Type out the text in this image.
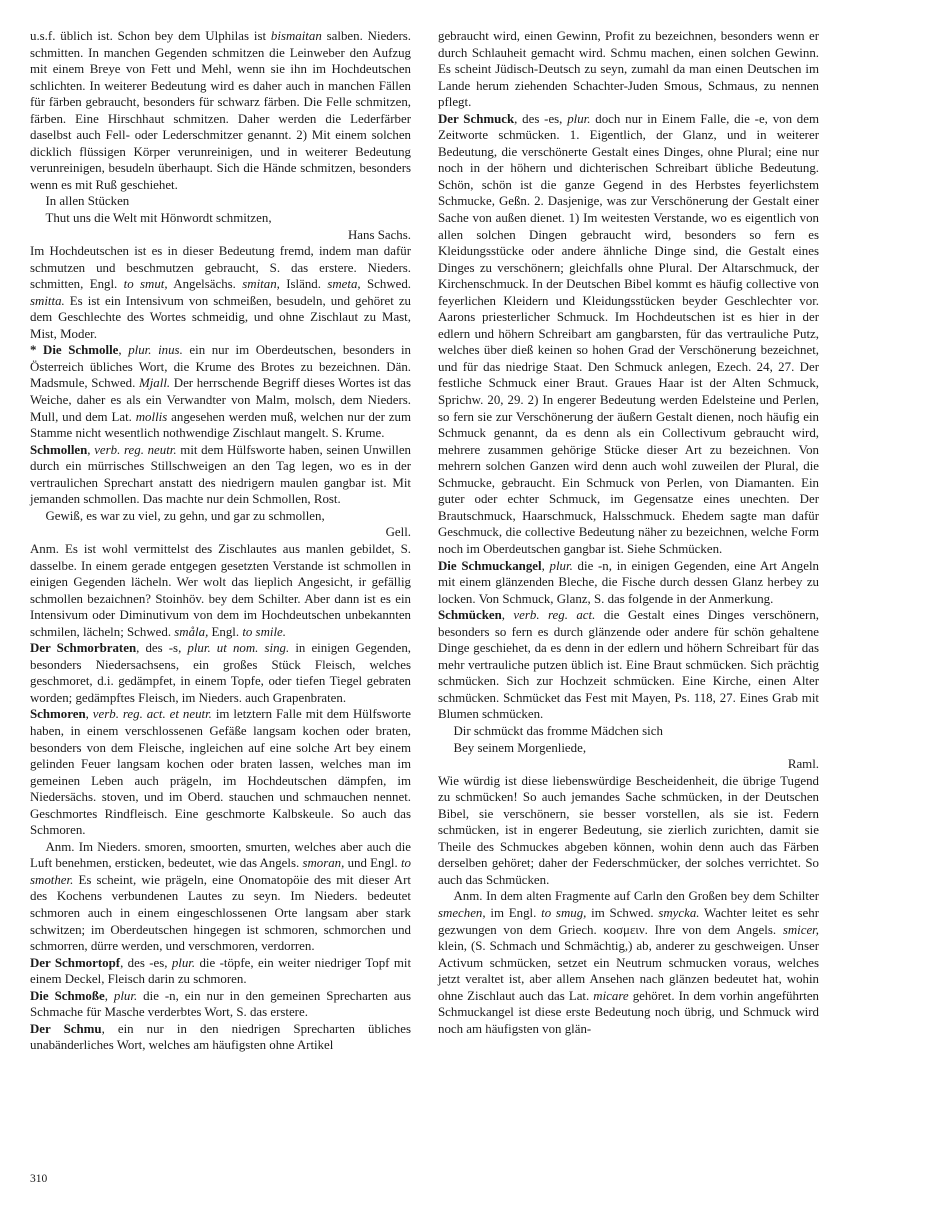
u.s.f. üblich ist. Schon bey dem Ulphilas ist bismaitan salben. Nieders. schmitten. In manchen Gegenden schmitzen die Leinweber den Aufzug mit einem Breye von Fett und Mehl, wenn sie ihn im Hochdeutschen schlichten. In weiterer Bedeutung wird es daher auch in manchen Fällen für färben gebraucht, besonders für schwarz färben. Die Felle schmitzen, färben. Eine Hirschhaut schmitzen. Daher werden die Lederfärber daselbst auch Fell- oder Lederschmitzer genannt. 2) Mit einem solchen dicklich flüssigen Körper verunreinigen, und in weiterer Bedeutung verunreinigen, besudeln überhaupt. Sich die Hände schmitzen, besonders wenn es mit Ruß geschiehet.

In allen Stücken

Thut uns die Welt mit Hönwordt schmitzen,

Hans Sachs.

Im Hochdeutschen ist es in dieser Bedeutung fremd, indem man dafür schmutzen und beschmutzen gebraucht, S. das erstere. Nieders. schmitten, Engl. to smut, Angelsächs. smitan, Isländ. smeta, Schwed. smitta. Es ist ein Intensivum von schmeißen, besudeln, und gehöret zu dem Geschlechte des Wortes schmeidig, und ohne Zischlaut zu Mast, Mist, Moder.

* Die Schmolle, plur. inus. ein nur im Oberdeutschen, besonders in Österreich übliches Wort, die Krume des Brotes zu bezeichnen. Dän. Madsmule, Schwed. Mjall. Der herrschende Begriff dieses Wortes ist das Weiche, daher es als ein Verwandter von Malm, molsch, dem Nieders. Mull, und dem Lat. mollis angesehen werden muß, welchen nur der zum Stamme nicht wesentlich nothwendige Zischlaut mangelt. S. Krume.

Schmollen, verb. reg. neutr. mit dem Hülfsworte haben, seinen Unwillen durch ein mürrisches Stillschweigen an den Tag legen, wo es in der vertraulichen Sprechart anstatt des niedrigern maulen gangbar ist. Mit jemanden schmollen. Das machte nur dein Schmollen, Rost.

Gewiß, es war zu viel, zu gehn, und gar zu schmollen,

Gell.

Anm. Es ist wohl vermittelst des Zischlautes aus manlen gebildet, S. dasselbe. In einem gerade entgegen gesetzten Verstande ist schmollen in einigen Gegenden lächeln. Wer wolt das lieplich Angesicht, ir gefällig schmollen bezaichnen? Stoinhöv. bey dem Schilter. Aber dann ist es ein Intensivum oder Diminutivum von dem im Hochdeutschen unbekannten schmilen, lächeln; Schwed. småla, Engl. to smile.

Der Schmorbraten, des -s, plur. ut nom. sing. in einigen Gegenden, besonders Niedersachsens, ein großes Stück Fleisch, welches geschmoret, d.i. gedämpfet, in einem Topfe, oder tiefen Tiegel gebraten worden; gedämpftes Fleisch, im Nieders. auch Grapenbraten.

Schmoren, verb. reg. act. et neutr. im letztern Falle mit dem Hülfsworte haben, in einem verschlossenen Gefäße langsam kochen oder braten, besonders von dem Fleische, ingleichen auf eine solche Art bey einem gelinden Feuer langsam kochen oder braten lassen, welches man im gemeinen Leben auch prägeln, im Hochdeutschen dämpfen, im Niedersächs. stoven, und im Oberd. stauchen und schmauchen nennet. Geschmortes Rindfleisch. Eine geschmorte Kalbskeule. So auch das Schmoren.

Anm. Im Nieders. smoren, smoorten, smurten, welches aber auch die Luft benehmen, ersticken, bedeutet, wie das Angels. smoran, und Engl. to smother. Es scheint, wie prägeln, eine Onomatopöie des mit dieser Art des Kochens verbundenen Lautes zu seyn. Im Nieders. bedeutet schmoren auch in einem eingeschlossenen Orte langsam aber stark schwitzen; im Oberdeutschen hingegen ist schmoren, schmorchen und schmorren, dürre werden, und verschmoren, verdorren.

Der Schmortopf, des -es, plur. die -töpfe, ein weiter niedriger Topf mit einem Deckel, Fleisch darin zu schmoren.

Die Schmoße, plur. die -n, ein nur in den gemeinen Sprecharten aus Schmache für Masche verderbtes Wort, S. das erstere.

Der Schmu, ein nur in den niedrigen Sprecharten übliches unabänderliches Wort, welches am häufigsten ohne Artikel

gebraucht wird, einen Gewinn, Profit zu bezeichnen, besonders wenn er durch Schlauheit gemacht wird. Schmu machen, einen solchen Gewinn. Es scheint Jüdisch-Deutsch zu seyn, zumahl da man einen Deutschen im Lande herum ziehenden Schachter-Juden Smous, Schmaus, zu nennen pflegt.

Der Schmuck, des -es, plur. doch nur in Einem Falle, die -e, von dem Zeitworte schmücken. 1. Eigentlich, der Glanz, und in weiterer Bedeutung, die verschönerte Gestalt eines Dinges, ohne Plural; eine nur noch in der höhern und dichterischen Schreibart übliche Bedeutung. Schön, schön ist die ganze Gegend in des Herbstes feyerlichstem Schmucke, Geßn. 2. Dasjenige, was zur Verschönerung der Gestalt einer Sache von außen dienet. 1) Im weitesten Verstande, wo es eigentlich von allen solchen Dingen gebraucht wird, besonders so fern es Kleidungsstücke oder andere ähnliche Dinge sind, die Gestalt eines Dinges zu verschönern; gleichfalls ohne Plural. Der Altarschmuck, der Kirchenschmuck. In der Deutschen Bibel kommt es häufig collective von feyerlichen Kleidern und Kleidungsstücken beyder Geschlechter vor. Aarons priesterlicher Schmuck. Im Hochdeutschen ist es hier in der edlern und höhern Schreibart am gangbarsten, für das vertrauliche Putz, welches über dieß keinen so hohen Grad der Verschönerung bezeichnet, und für das niedrige Staat. Den Schmuck anlegen, Ezech. 24, 27. Der festliche Schmuck einer Braut. Graues Haar ist der Alten Schmuck, Sprichw. 20, 29. 2) In engerer Bedeutung werden Edelsteine und Perlen, so fern sie zur Verschönerung der äußern Gestalt dienen, noch häufig ein Schmuck genannt, da es denn als ein Collectivum gebraucht wird, mehrere zusammen gehörige Stücke dieser Art zu bezeichnen. Von mehrern solchen Ganzen wird denn auch wohl zuweilen der Plural, die Schmucke, gebraucht. Ein Schmuck von Perlen, von Diamanten. Ein guter oder echter Schmuck, im Gegensatze eines unechten. Der Brautschmuck, Haarschmuck, Halsschmuck. Ehedem sagte man dafür Geschmuck, die collective Bedeutung näher zu bezeichnen, welche Form noch im Oberdeutschen gangbar ist. Siehe Schmücken.

Die Schmuckangel, plur. die -n, in einigen Gegenden, eine Art Angeln mit einem glänzenden Bleche, die Fische durch dessen Glanz herbey zu locken. Von Schmuck, Glanz, S. das folgende in der Anmerkung.

Schmücken, verb. reg. act. die Gestalt eines Dinges verschönern, besonders so fern es durch glänzende oder andere für schön gehaltene Dinge geschiehet, da es denn in der edlern und höhern Schreibart für das mehr vertrauliche putzen üblich ist. Eine Braut schmücken. Sich prächtig schmücken. Sich zur Hochzeit schmücken. Eine Kirche, einen Alter schmücken. Schmücket das Fest mit Mayen, Ps. 118, 27. Eines Grab mit Blumen schmücken.

Dir schmückt das fromme Mädchen sich

Bey seinem Morgenliede,

Raml.

Wie würdig ist diese liebenswürdige Bescheidenheit, die übrige Tugend zu schmücken! So auch jemandes Sache schmücken, in der Deutschen Bibel, sie verschönern, sie besser vorstellen, als sie ist. Federn schmücken, ist in engerer Bedeutung, sie zierlich zurichten, damit sie Theile des Schmuckes abgeben können, wohin denn auch das Färben derselben gehöret; daher der Federschmücker, der solches verrichtet. So auch das Schmücken.

Anm. In dem alten Fragmente auf Carln den Großen bey dem Schilter smechen, im Engl. to smug, im Schwed. smycka. Wachter leitet es sehr gezwungen von dem Griech. κοσμειν. Ihre von dem Angels. smicer, klein, (S. Schmach und Schmächtig,) ab, anderer zu geschweigen. Unser Activum schmücken, setzet ein Neutrum schmucken voraus, welches jetzt veraltet ist, aber allem Ansehen nach glänzen bedeutet hat, wohin ohne Zischlaut auch das Lat. micare gehöret. In dem vorhin angeführten Schmuckangel ist diese erste Bedeutung noch übrig, und Schmuck wird noch am häufigsten von glän-

310
